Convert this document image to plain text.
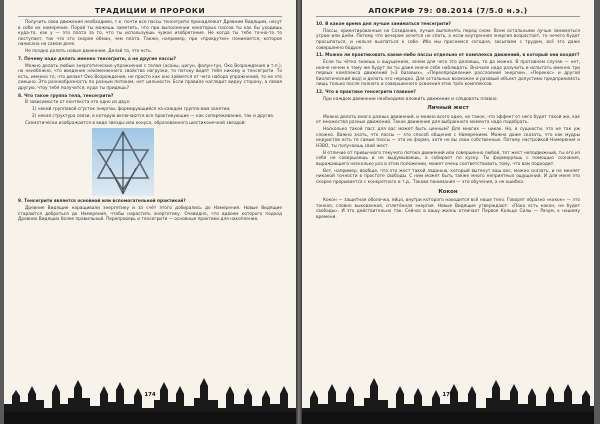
ТРАДИЦИИ И ПРОРОКИ

Получить свои движения необходимо, т.к. почти все пассы тенсегрити принадлежат Древним Видящим, несут в себе их намерение. Порой ты можешь заметить, что при выполнении некоторых пассов ты как бы уходишь куда-то, как у — это плата за то, что ты используешь чужое изобретение. Не когда ты тебе точно-то то поступает, так что это скорее обман, чем плата. Также, например, при «прокрутке» понимается, которое нанисано на самом деле.

Не поздно делать новые движения. Делай то, что есть.

7. Почему надо делать именно тенсегрити, а не другие пассы?

Можно делать любые энергетические упражнения с телом (асаны, цигун, фалун-гун, Око Возрождения и т.п.), но неизбежно, что введение неизмененного свойства нагрузки, то потоку видят тебя никому и тенсегрити. То есть, именно то, что делает Око Возрождения, не просто как оно займется от чего набора упражнений, то не это смешно. Это разнообразность по разным потокам, нет цельности. Если правило наглядит видну сторону, а левая другую, чтоу тебя получится, куда ты придешь?

8. Что такое группа тела, тенсегрити?

В зависимости от контекста это одно из двух:

1) некий групповой сгусток энергии, формирующийся на каждом группо-вом занятии;

2) некая структура связи, в которую включаются все практикующие — как сопереживание, так и другие.

Схематически изображается в виде звезды или конуса, образованного шестиконечной звездой:

9. Тенсегрити является основной или вспомогательной практикой?

Древние Видящие наращивали энергетику и за счёт этого добирались до Намерения. Новые Видящие стараются добраться до Намерения, чтобы нарастить энергетику. Очевидно, что вдвоем которого подход Древних Видящих более правильный. Перепроверь и тенсегрити — основные практики для накопления.

174
АПОКРИФ 79: 08.2014 (7/5.0 н.э.)

10. В какое время дня лучше заниматься тенсегрити?

Пассы, ориентированные на Созидание, лучше выполнять перед сном. Всем остальными лучше заниматься утром или днём. Потому что вечером хочется не спать, а если внутренняя энергия возрастает, то нечего будет просыпаться, и нельзя выспаться к себе. Ибо мы проснемся сегодня, засыпаем с трудом, всё это даже совершенно бодрое.

11. Можно ли практиковать какие-либо пассы отдельно от комплекса движений, в который они входят?

Если ты чётко знаешь о ощущениях, зачем для чего это делаешь, то да можно. В противном случае — нет, иначе нечем к тому же будут ли ты даже иначе себе наблюдать. Вначале надо разучить и испытать именно три первых комплекса движений («3 базовых», «Переопределение расслоений энергии», «Перекос» и другой биологический вид) и делать его нередко. Для остальных возможен и разовый объект допустимо предпринимать лишь только после полного и совершенного освоения этих трёх комплексов.

12. Что в практике тенсегрити главное?

При каждом движении необходимо вложить движение и следовать плавно.

Личный жест

Можно делать много разных движений, и можно всего одно, но такое, что эффект от него будет такой же, как от множества разных движений. Такое движение для выбранного момента надо подобрать.

Насколько такой пасс для вас может быть ценным? Для многих — никак. Но, в сущности, это не так уж сложно. Важно знать, что пассы — это способ общения с Намерением. Можно даже сказать, что как мудры индуистов есть те самые пассы — это их форма, хотя не вы свои собственные. Потому настройкой Намерения и НЗВО, ты получаешь свой жест.

В отличие от привычного текучего потока движений или совершенно любой, тот жест неподвижный, ты его из себя не совершаешь и не выдумываешь, а собирает по куску. Ты формируешь с помощью сознания, выражающего несколько раз в этом положении, может очень соответствовать тому, что вам подходит.

Вот, например, вообще, что это жест такой ладонью, который вытянут ваш вес, можно сказать, и не меняет никакой точности в простоте свободы. С ним может быть также много неприятных ощущений. И для меня это скорее прорывается с конкретного и т.д.. Такова понимания — это обучения, а не ошибка.

Кокон

Кокон — защитная оболочка, яйцо, внутри которого находится всё наше тело. Говорят образно «кокон» — это тонкая, словно выкованная, сплетённая энергия. Новые Видящие утверждают: «Пока есть кокон, не будет свободы». И это действительно так. Сейчас в вашу жизнь отличает Первое Кольцо Силы — Разум, к нашему времени.

175
